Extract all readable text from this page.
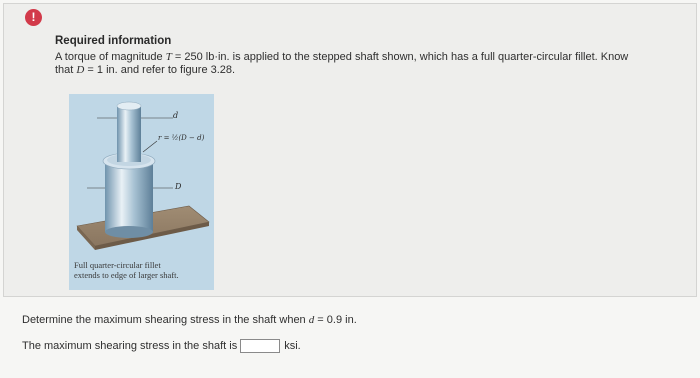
!
Required information
A torque of magnitude T = 250 lb·in. is applied to the stepped shaft shown, which has a full quarter-circular fillet. Know
that D = 1 in. and refer to figure 3.28.
d
r = ½(D − d)
D
Full quarter-circular fillet
extends to edge of larger shaft.
Determine the maximum shearing stress in the shaft when d = 0.9 in.
The maximum shearing stress in the shaft is	ksi.
